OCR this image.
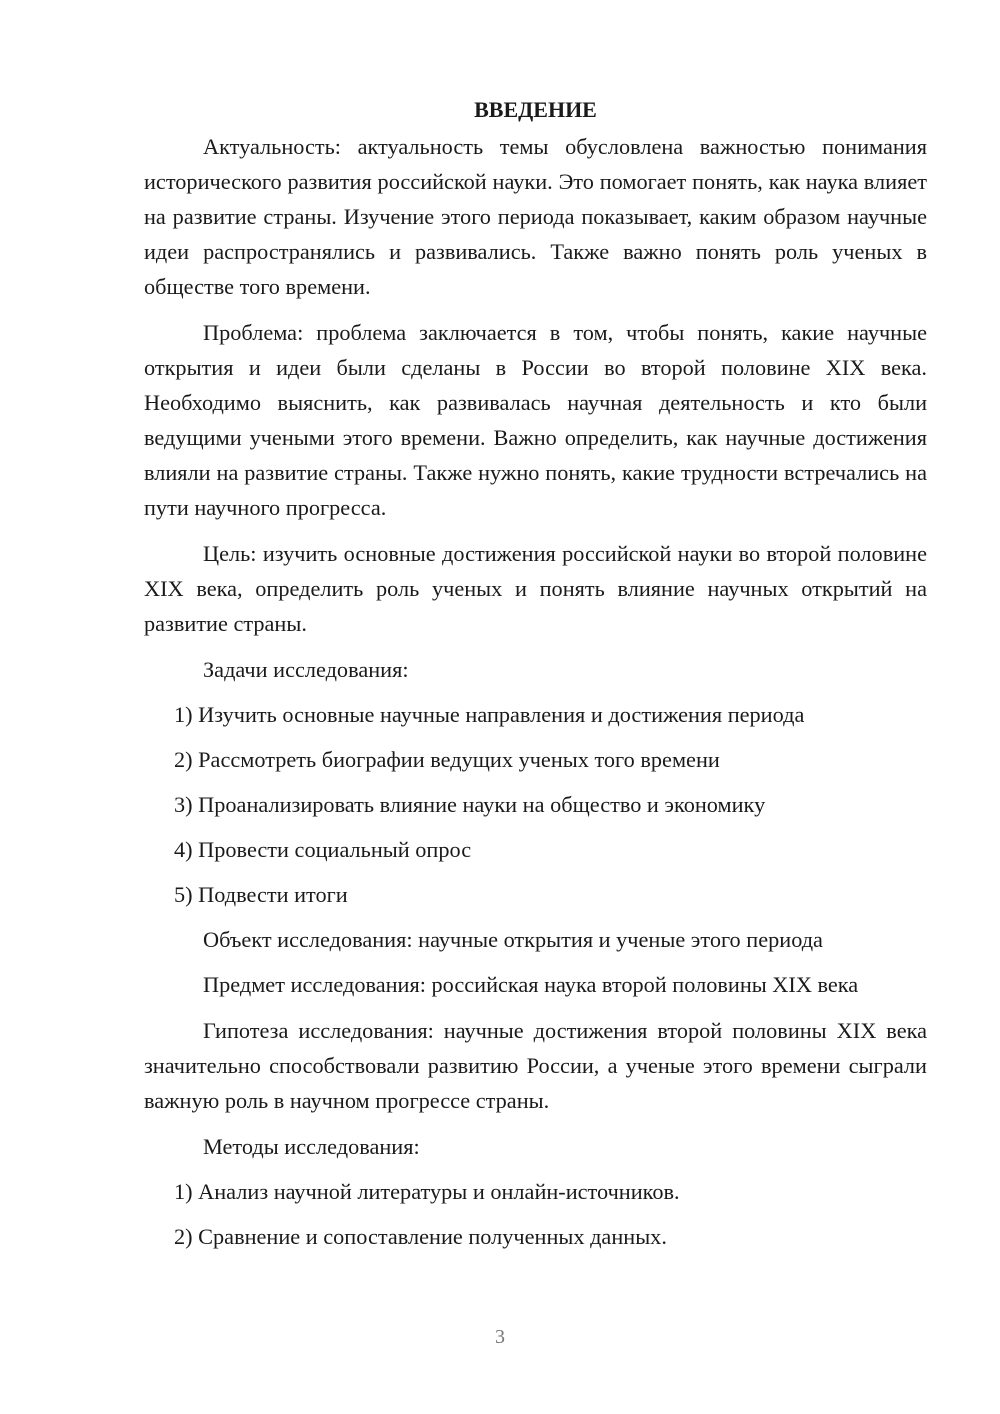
ВВЕДЕНИЕ

Актуальность: актуальность темы обусловлена важностью понимания исторического развития российской науки. Это помогает понять, как наука влияет на развитие страны. Изучение этого периода показывает, каким образом научные идеи распространялись и развивались. Также важно понять роль ученых в обществе того времени.

Проблема: проблема заключается в том, чтобы понять, какие научные открытия и идеи были сделаны в России во второй половине XIX века. Необходимо выяснить, как развивалась научная деятельность и кто были ведущими учеными этого времени. Важно определить, как научные достижения влияли на развитие страны. Также нужно понять, какие трудности встречались на пути научного прогресса.

Цель: изучить основные достижения российской науки во второй половине XIX века, определить роль ученых и понять влияние научных открытий на развитие страны.

Задачи исследования:
1) Изучить основные научные направления и достижения периода
2) Рассмотреть биографии ведущих ученых того времени
3) Проанализировать влияние науки на общество и экономику
4) Провести социальный опрос
5) Подвести итоги
Объект исследования: научные открытия и ученые этого периода

Предмет исследования: российская наука второй половины XIX века

Гипотеза исследования: научные достижения второй половины XIX века значительно способствовали развитию России, а ученые этого времени сыграли важную роль в научном прогрессе страны.

Методы исследования:
1) Анализ научной литературы и онлайн-источников.
2) Сравнение и сопоставление полученных данных.
3
